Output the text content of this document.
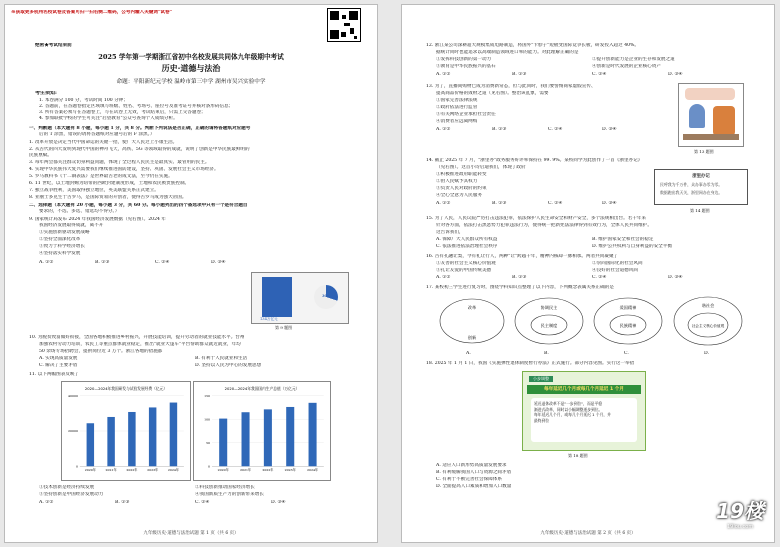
※获取更多杭州名校试卷及答案可扫一扫右侧二维码，公号内输入关键词"试卷"
绝密★考试结束前
2025 学年第一学期浙江省初中名校发展共同体九年级期中考试
历史·道德与法治
命题：平阳新纪元学校 温岭市第三中学 湖州市吴兴实验中学
考生须知:
1. 本卷满分 100 分，考试时间 100 分钟；
2. 答题前，在答题卷指定区域填写班级、姓名、考场号、座位号及准考证号并核对条形码信息；
3. 所有答案必须写在答题卷上，写在试卷上无效，考试结束后，只需上交答题卷；
4. 参加联批学校的学生可关注"启望教育"公众号查询个人成绩分析。
一、判断题（本大题有 8 小题，每小题 1 分，共 8 分。判断下列说法是否正确，正确的请将答题纸对应题号
后的 T 涂黑，错误的请将答题纸对应题号后的 F 涂黑。）
1. 改革开放是决定当代中国命运的关键一招，使广大人民过上小康生活。
2. 从古代的四大发明到现代中国的神舟飞天，高铁、5G 等领域取得的成就，说明了创新是中华民族最鲜明的
民族禀赋。
3. 每年两会都关注群众切身利益问题，体现了全过程人民民主是最真实、最管用的民主。
4. 实现中华民族伟大复兴需要我们继续推进国防建设，坚持、巩固、发展社会主义市场经济。
5. 罗马教科书《十二铜表法》是世界最古老的成文法，至今仍在实施。
6. 11 世纪，以土地封赐为纽带的西欧封建制度形成，土地和农民被贵族控制。
7. 独立战争胜利，美国取得独立地位，英美联盟关系正式建立。
8. 亚丽士多克生于古罗马，是国际贸易的开创者，使得古罗马成为强大帝国。
二、选择题（本大题有 20 小题，每小题 3 分，共 60 分。每小题列出的四个备选项中只有一个是符合题目
要求的，不选、多选、错选均不得分。）
9. 国家统计局发布 2024 年我国经济发展数据（见右图）。2024 年
我国经济发展取得成就，离不开
①实施创新驱动发展战略
②坚持全面深化改革
③致力于科学经济增长
④坚持落实科学发展
A. ①②	B. ①③	C. ②④	D. ③④
134万亿元
30%
第 9 题图
10. 为脱贫致富做好衔接，全国各地积极推进乡村振兴，开展技能培训，提升劳动者的就业技能水平。台州
加强农村劳动力培训，农民工等重点群体就业稳定，推出"就业大篷车"平台帮助群众就近就业，年均
50 余场专场招聘会，提供岗位近 3 万个。浙江各地的措施都
A. 实现高质量发展	B. 有利于人民就业和生活
C. 解决了主要矛盾	D. 坚持以人民为中心的发展思想
11. 以下两幅图表反映了
2020—2024年我国研发与试验发展经费（亿元）
0
20000
40000
2020年	2021年	2022年	2023年	2024年
2020—2024年我国国内生产总值（万亿元）
0
50
100
150
2020年	2021年	2022年	2023年	2024年
①技术创新是经济持续发展	②科技创新推动国家经济增长
③坚持创新是中国经济发展动力	④我国新质生产力的创新带来增长
A. ①②	B. ①③	C. ②④	D. ③④
九年级历史·道德与法治试题 第 1 页（共 6 页）
12. 浙江某公司深耕超大规模集成电路制造，将国外"卡脖子"短板变国际竞争长板，研发投入超过 40%。
据统计同时也能追求以高端制造领域进口率的能力。对此理解正确的是
①发挥科技创新的第一动力	②提升创新能力是企业的生存和发展之道
③教育是中华民族振兴的基石	④创新是时代发展的企业核心资产
A. ①②	B. ①③	C. ②④	D. ③④
13. 为了，直播间购物已成为消费新常态，但与此同时，我们要警惕商家虚假宣传、
提高商品价格的敛财之道（见右图）。整治该乱象，需要
①国家完善法律法规
②政府依法进行监管
③有关网络企业承担社会责任
④消费者应远离网购
A. ①②	B. ①③	C. ②④	D. ③④
第 13 题图
14. 截止 2025 年 7 月，"浙里办"政务服务好评率保持在 99. 9%。某校同学为此创作了一首《浙里办记》
（见右图）。这首小诗启迪我们，体现了政府
①积极推进政府职能转变
②由人民赋予其权力
③负责人民对政府的约束
④全心全意为人民服务
A. ①②	B. ①③	C. ②④	D. ③④
浙里办记
民呼我为千万件，众办事办零为零。
数据跑出我天关，浙里网办在身边。
第 14 题图
15. 为了人民，人民议院严厉打击违法犯罪，依法保护人民生命安全和财产安全，多个法规相出台。若干年来
针对各方面，依法打击黑恶势力犯罪违法行为，使得统一把新宪法法律得到有效行为，全体人民共同维护。
这告诉我们，
A. 保障广大人民群众所有权益	B. 维护国家安全和社会的稳定
C. 依法推进依法治理社会秩序	D. 维护公共权利与自身利益的安全平衡
16. 古有孔融让梨，今有礼让行人，两种"让"跨越千年，精神内核却一脉相承。两者共同凝聚了
①友善的社会主义核心价值观	②崇尚国际化的社会风尚
③孔让友爱的中国传统美德	④良好的社会道德风尚
A. ①②	B. ①③	C. ②④	D. ③④
17. 某校初三学生进行复习时，围绕学科知识点整理了以下内容，下列概念表属关系正确的是
改革
创新
协调民主
民主制度
爱国精神
民族精神
谐社会
社会主义核心价值观
A.	B.	C.	D.
18. 2025 年 1 月 1 日，我国《实施弹性退休制度暂行办法》正式施行。部分内容见图。实行这一举措
小步调整
每年延迟几个月或每几个月延迟 1 个月
延迟退休改革不是"一步到位"，而是平稳
渐进式改革，同时以小幅调整逐步到位。
每年延迟几个月，或每几个月延迟 1 个月，并
最终到位
第 18 题图
A. 适应人口新形势高质量发展要求
B. 有利缓解我国人口与资源之间矛盾
C. 有利于不断完善社会保障体系
D. 全面提高人口素质和增加人口数量
九年级历史·道德与法治试题 第 2 页（共 6 页）
19楼
19lou.com
